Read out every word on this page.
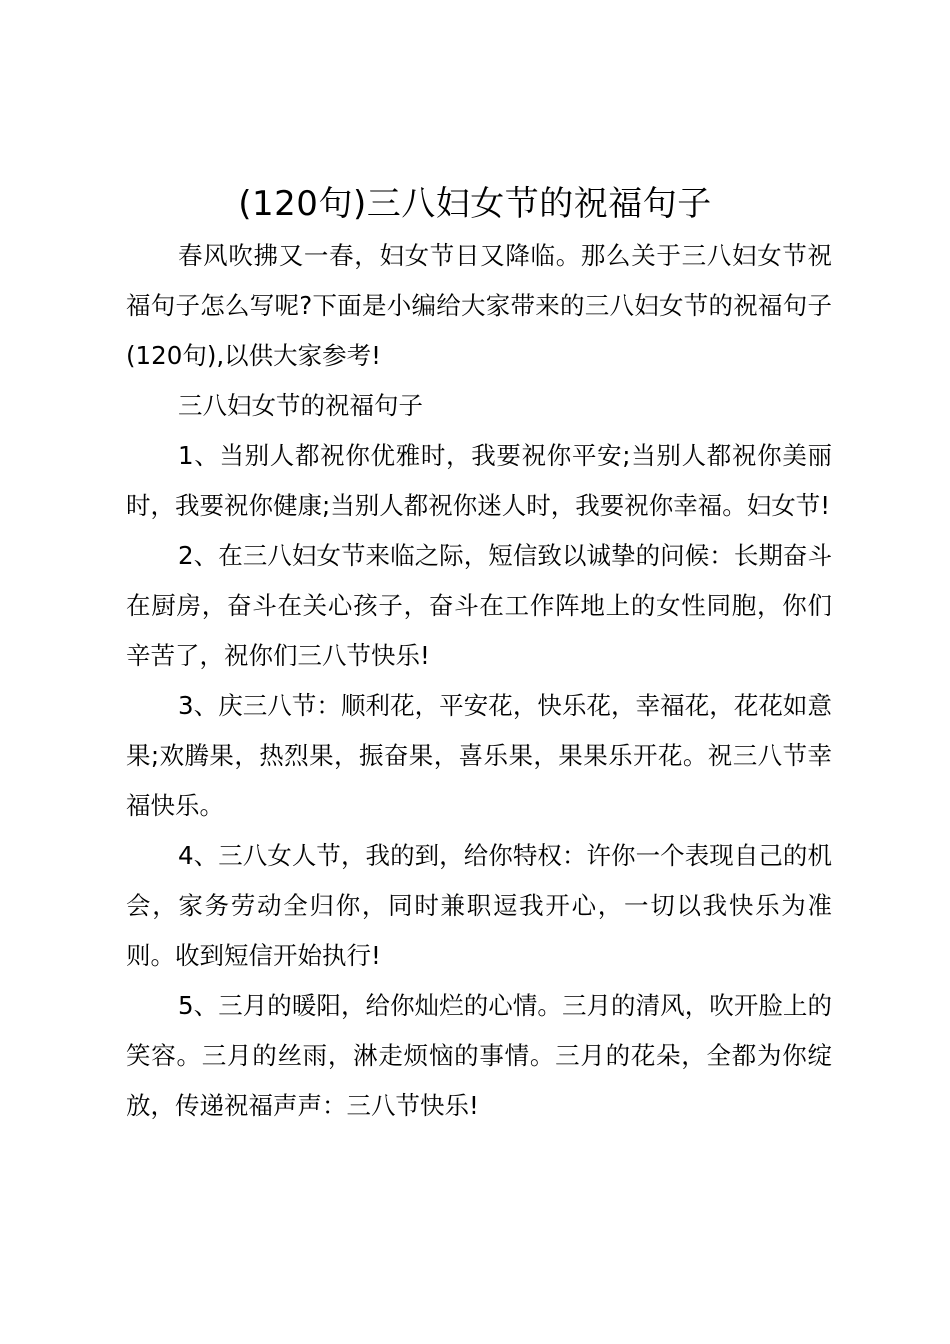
(120句)三八妇女节的祝福句子

春风吹拂又一春，妇女节日又降临。那么关于三八妇女节祝福句子怎么写呢?下面是小编给大家带来的三八妇女节的祝福句子(120句),以供大家参考!

三八妇女节的祝福句子

1、当别人都祝你优雅时，我要祝你平安;当别人都祝你美丽时，我要祝你健康;当别人都祝你迷人时，我要祝你幸福。妇女节!

2、在三八妇女节来临之际，短信致以诚挚的问候：长期奋斗在厨房，奋斗在关心孩子，奋斗在工作阵地上的女性同胞，你们辛苦了，祝你们三八节快乐!

3、庆三八节：顺利花，平安花，快乐花，幸福花，花花如意果;欢腾果，热烈果，振奋果，喜乐果，果果乐开花。祝三八节幸福快乐。

4、三八女人节，我的到，给你特权：许你一个表现自己的机会，家务劳动全归你，同时兼职逗我开心，一切以我快乐为准则。收到短信开始执行!

5、三月的暖阳，给你灿烂的心情。三月的清风，吹开脸上的笑容。三月的丝雨，淋走烦恼的事情。三月的花朵，全都为你绽放，传递祝福声声：三八节快乐!
